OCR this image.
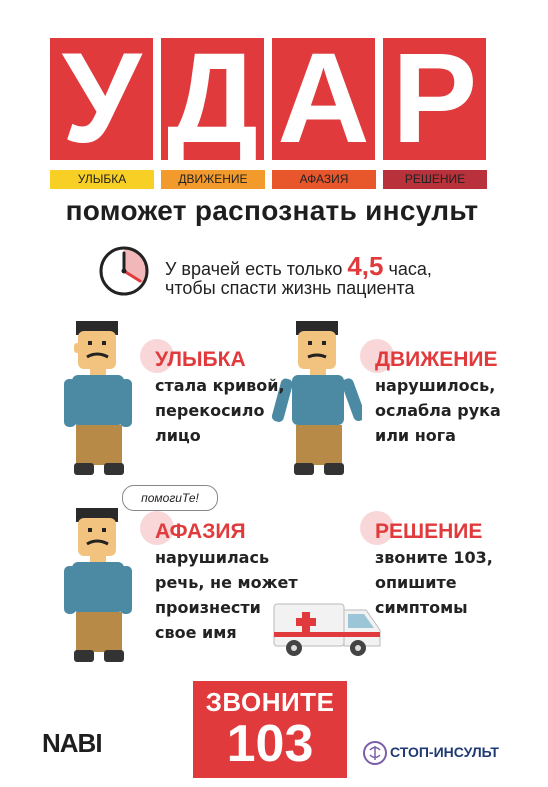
У Д А Р
УЛЫБКА	ДВИЖЕНИЕ	АФАЗИЯ	РЕШЕНИЕ
поможет распознать инсульт
У врачей есть только 4,5 часа,
чтобы спасти жизнь пациента
помогиТе!
УЛЫБКА
стала кривой,
перекосило
лицо
ДВИЖЕНИЕ
нарушилось,
ослабла рука
или нога
АФАЗИЯ
нарушилась
речь, не может
произнести
свое имя
РЕШЕНИЕ
звоните 103,
опишите
симптомы
ЗВОНИТЕ
103
NABI	СТОП-ИНСУЛЬТ
